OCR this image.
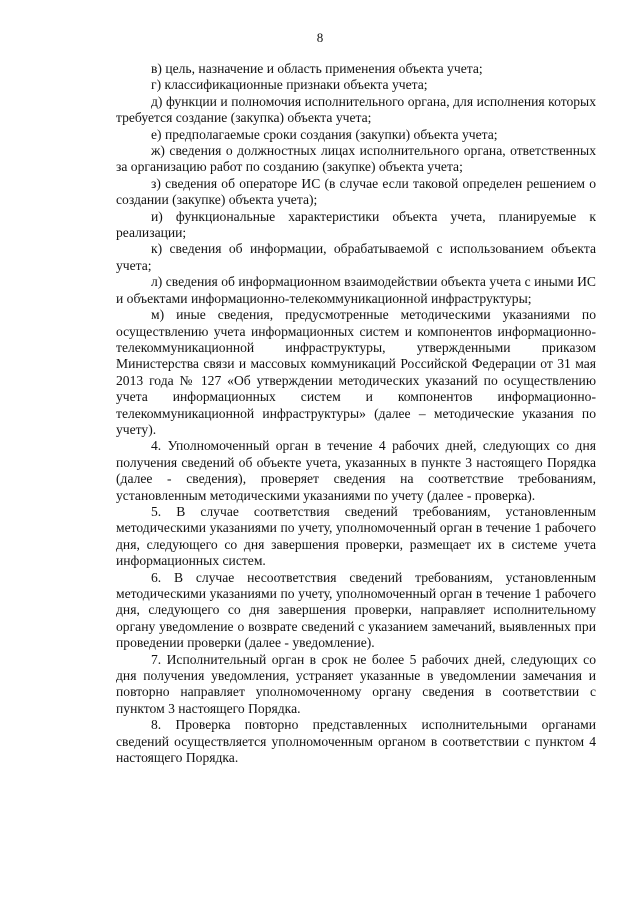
8

в) цель, назначение и область применения объекта учета;

г) классификационные признаки объекта учета;

д) функции и полномочия исполнительного органа, для исполнения которых требуется создание (закупка) объекта учета;

е) предполагаемые сроки создания (закупки) объекта учета;

ж) сведения о должностных лицах исполнительного органа, ответственных за организацию работ по созданию (закупке) объекта учета;

з) сведения об операторе ИС (в случае если таковой определен решением о создании (закупке) объекта учета);

и) функциональные характеристики объекта учета, планируемые к реализации;

к) сведения об информации, обрабатываемой с использованием объекта учета;

л) сведения об информационном взаимодействии объекта учета с иными ИС и объектами информационно-телекоммуникационной инфраструктуры;

м) иные сведения, предусмотренные методическими указаниями по осуществлению учета информационных систем и компонентов информационно-телекоммуникационной инфраструктуры, утвержденными приказом Министерства связи и массовых коммуникаций Российской Федерации от 31 мая 2013 года № 127 «Об утверждении методических указаний по осуществлению учета информационных систем и компонентов информационно-телекоммуникационной инфраструктуры» (далее – методические указания по учету).

4. Уполномоченный орган в течение 4 рабочих дней, следующих со дня получения сведений об объекте учета, указанных в пункте 3 настоящего Порядка (далее - сведения), проверяет сведения на соответствие требованиям, установленным методическими указаниями по учету (далее - проверка).

5. В случае соответствия сведений требованиям, установленным методическими указаниями по учету, уполномоченный орган в течение 1 рабочего дня, следующего со дня завершения проверки, размещает их в системе учета информационных систем.

6. В случае несоответствия сведений требованиям, установленным методическими указаниями по учету, уполномоченный орган в течение 1 рабочего дня, следующего со дня завершения проверки, направляет исполнительному органу уведомление о возврате сведений с указанием замечаний, выявленных при проведении проверки (далее - уведомление).

7. Исполнительный орган в срок не более 5 рабочих дней, следующих со дня получения уведомления, устраняет указанные в уведомлении замечания и повторно направляет уполномоченному органу сведения в соответствии с пунктом 3 настоящего Порядка.

8. Проверка повторно представленных исполнительными органами сведений осуществляется уполномоченным органом в соответствии с пунктом 4 настоящего Порядка.
